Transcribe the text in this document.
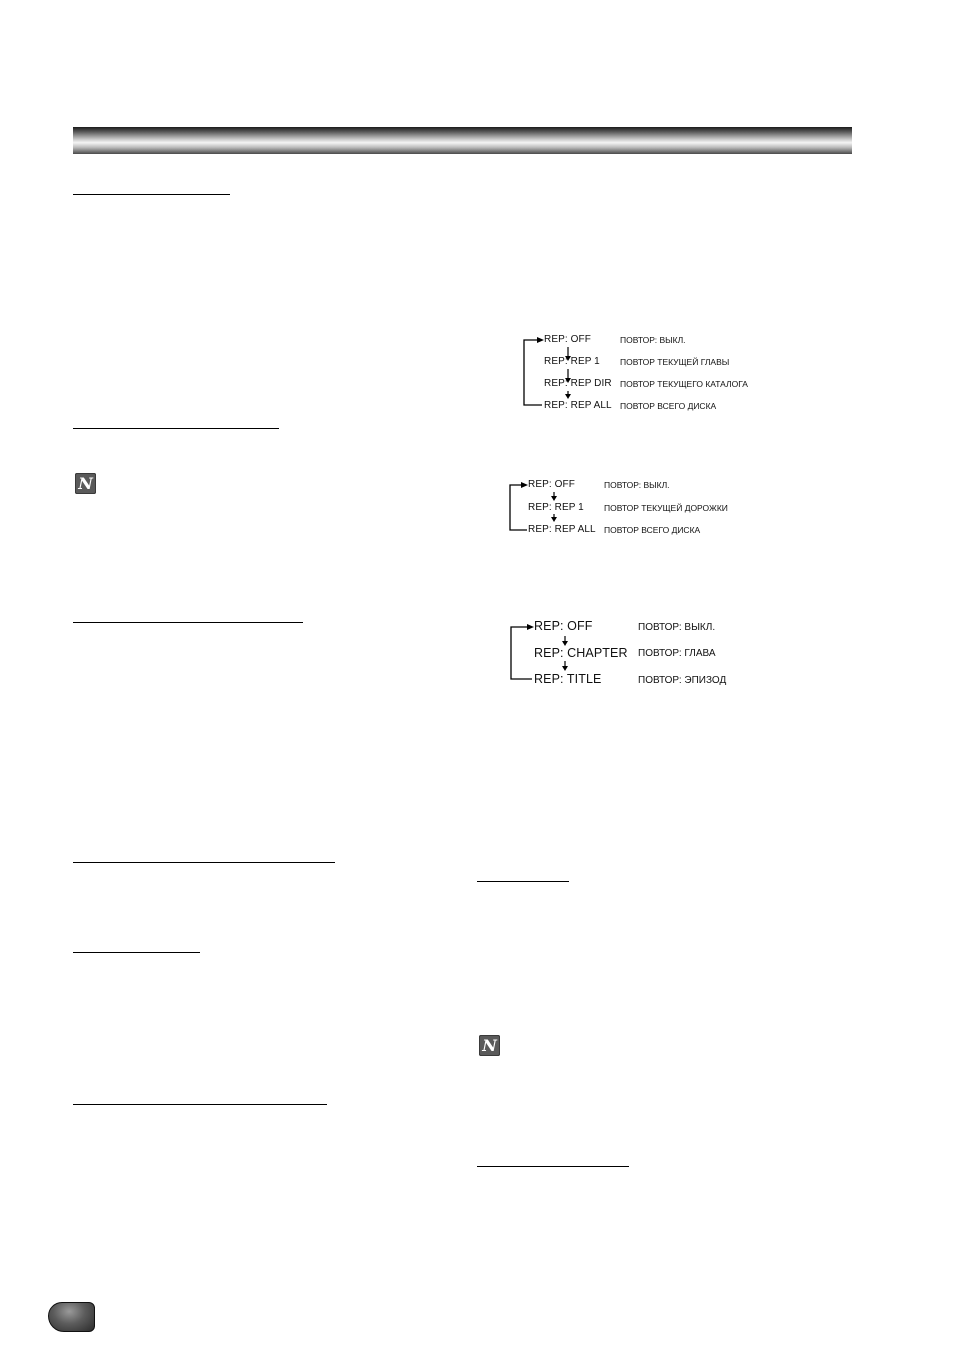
N
N
REP: OFF	ПОВТОР: ВЫКЛ.
REP: REP 1 ПОВТОР ТЕКУЩЕЙ ГЛАВЫ
REP: REP DIR ПОВТОР ТЕКУЩЕГО КАТАЛОГА
REP: REP ALL ПОВТОР ВСЕГО ДИСКА
REP: OFF	ПОВТОР: ВЫКЛ.
REP: REP 1 ПОВТОР ТЕКУЩЕЙ ДОРОЖКИ
REP: REP ALL ПОВТОР ВСЕГО ДИСКА
REP: OFF	ПОВТОР: ВЫКЛ.
REP: CHAPTER ПОВТОР: ГЛАВА
REP: TITLE	ПОВТОР: ЭПИЗОД
